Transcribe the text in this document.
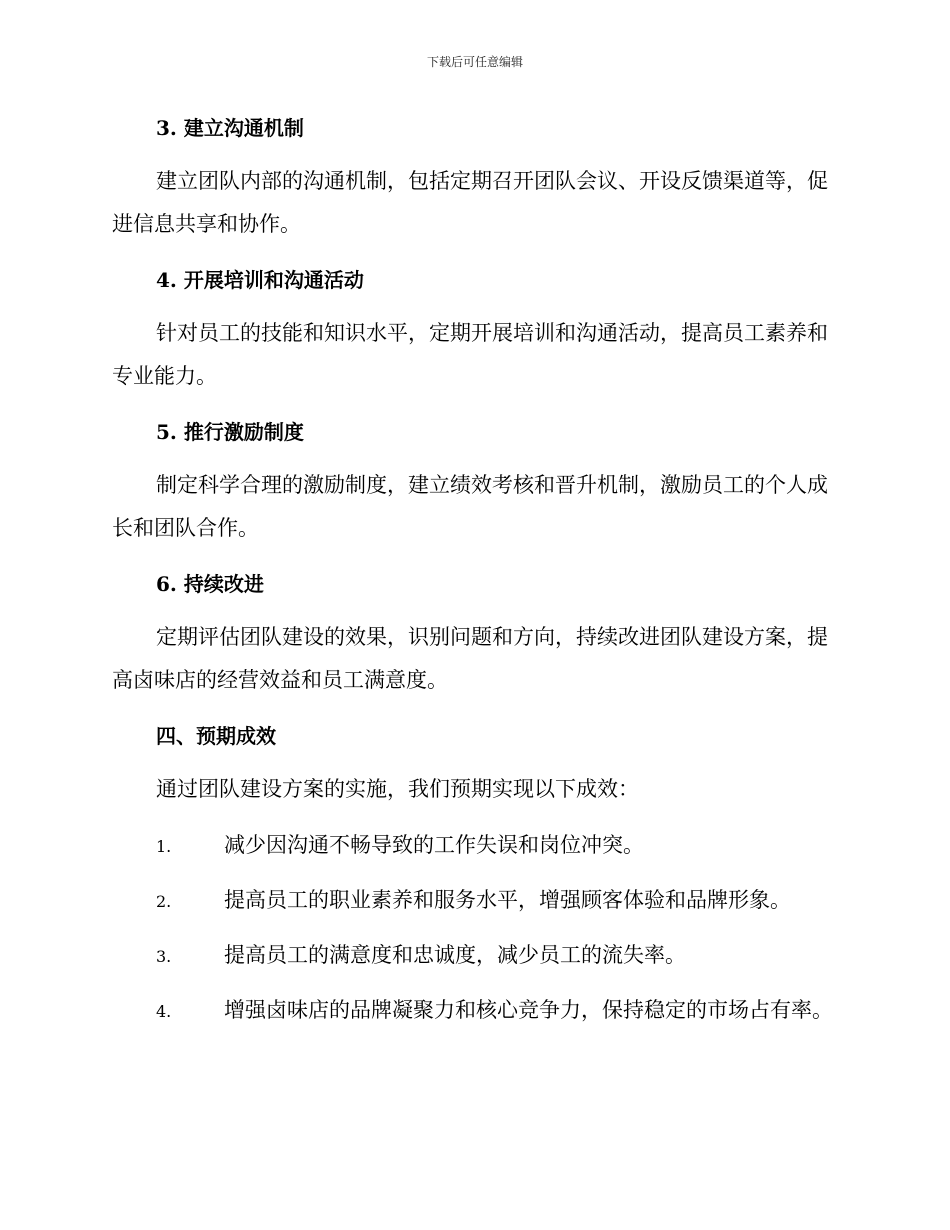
下载后可任意编辑
3. 建立沟通机制
建立团队内部的沟通机制，包括定期召开团队会议、开设反馈渠道等，促进信息共享和协作。
4. 开展培训和沟通活动
针对员工的技能和知识水平，定期开展培训和沟通活动，提高员工素养和专业能力。
5. 推行激励制度
制定科学合理的激励制度，建立绩效考核和晋升机制，激励员工的个人成长和团队合作。
6. 持续改进
定期评估团队建设的效果，识别问题和方向，持续改进团队建设方案，提高卤味店的经营效益和员工满意度。
四、预期成效
通过团队建设方案的实施，我们预期实现以下成效：
1.	减少因沟通不畅导致的工作失误和岗位冲突。
2.	提高员工的职业素养和服务水平，增强顾客体验和品牌形象。
3.	提高员工的满意度和忠诚度，减少员工的流失率。
4.	增强卤味店的品牌凝聚力和核心竞争力，保持稳定的市场占有率。
